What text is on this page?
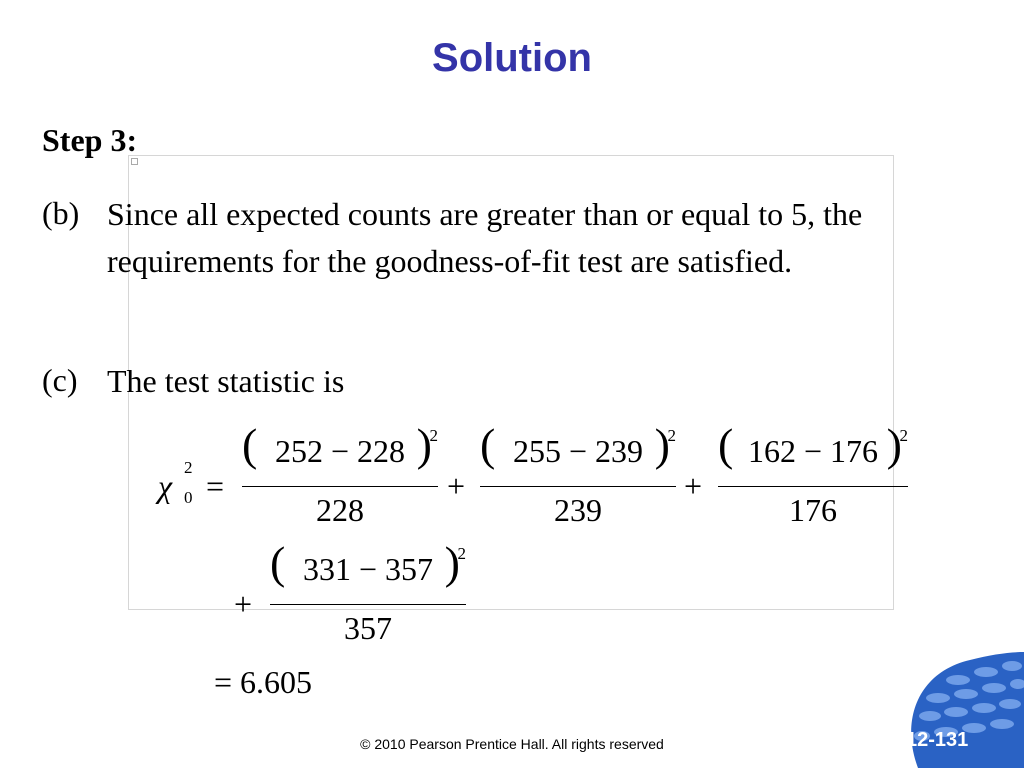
Solution
Step 3:
(b) Since all expected counts are greater than or equal to 5, the requirements for the goodness-of-fit test are satisfied.
(c) The test statistic is
χ
2
0 =
( 252 − 228 )
2
228
+
( 255 − 239 )
2
239
+
( 162 − 176 )
2
176
+
( 331 − 357 )
2
357
= 6.605
© 2010 Pearson Prentice Hall. All rights reserved	12-131
